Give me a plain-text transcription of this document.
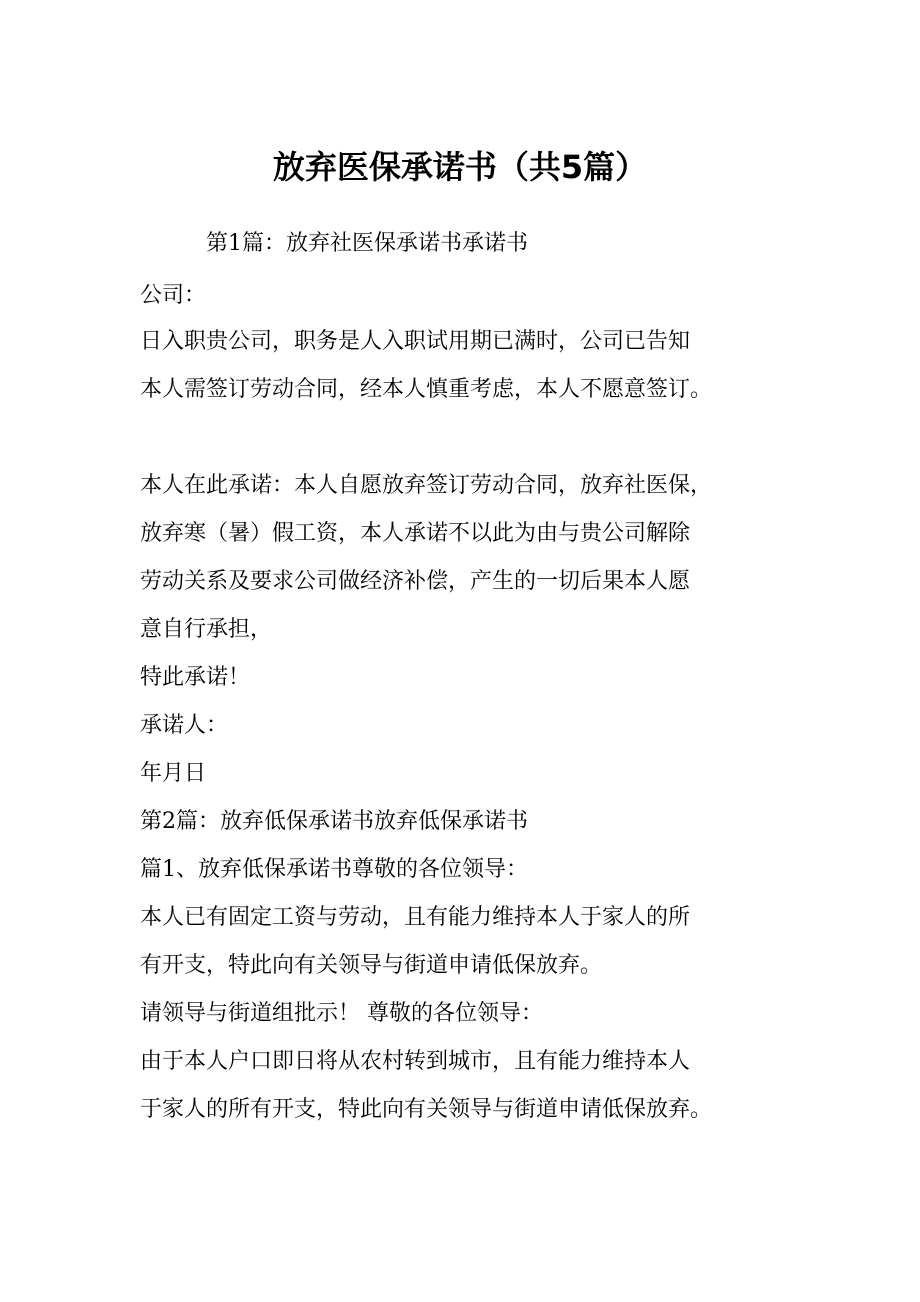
放弃医保承诺书（共5篇）

第1篇：放弃社医保承诺书承诺书

公司：

日入职贵公司，职务是人入职试用期已满时，公司已告知

本人需签订劳动合同，经本人慎重考虑，本人不愿意签订。

本人在此承诺：本人自愿放弃签订劳动合同，放弃社医保，

放弃寒（暑）假工资，本人承诺不以此为由与贵公司解除

劳动关系及要求公司做经济补偿，产生的一切后果本人愿

意自行承担，

特此承诺！

承诺人：

年月日

第2篇：放弃低保承诺书放弃低保承诺书

篇1、放弃低保承诺书尊敬的各位领导：

本人已有固定工资与劳动，且有能力维持本人于家人的所

有开支，特此向有关领导与街道申请低保放弃。

请领导与街道组批示！ 尊敬的各位领导：

由于本人户口即日将从农村转到城市，且有能力维持本人

于家人的所有开支，特此向有关领导与街道申请低保放弃。
